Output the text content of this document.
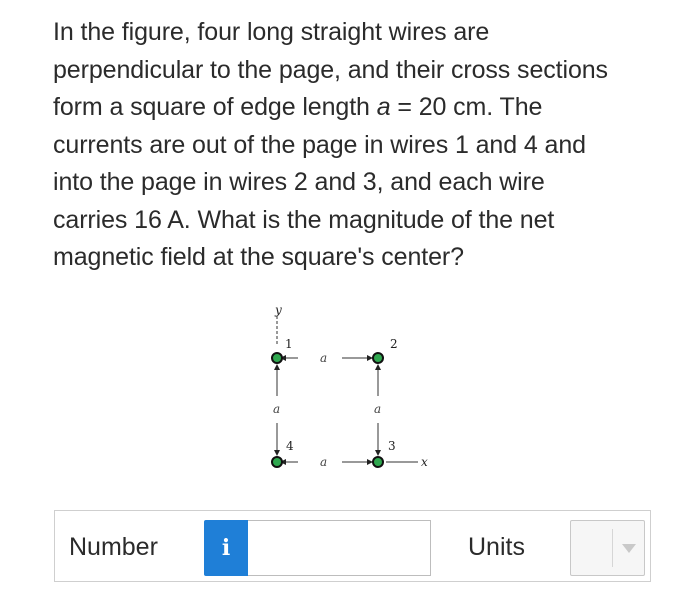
In the figure, four long straight wires are
perpendicular to the page, and their cross sections
form a square of edge length a = 20 cm. The
currents are out of the page in wires 1 and 4 and
into the page in wires 2 and 3, and each wire
carries 16 A. What is the magnitude of the net
magnetic field at the square's center?
y
a
a
a	a
x
1	2
3
4
Number	i	Units
